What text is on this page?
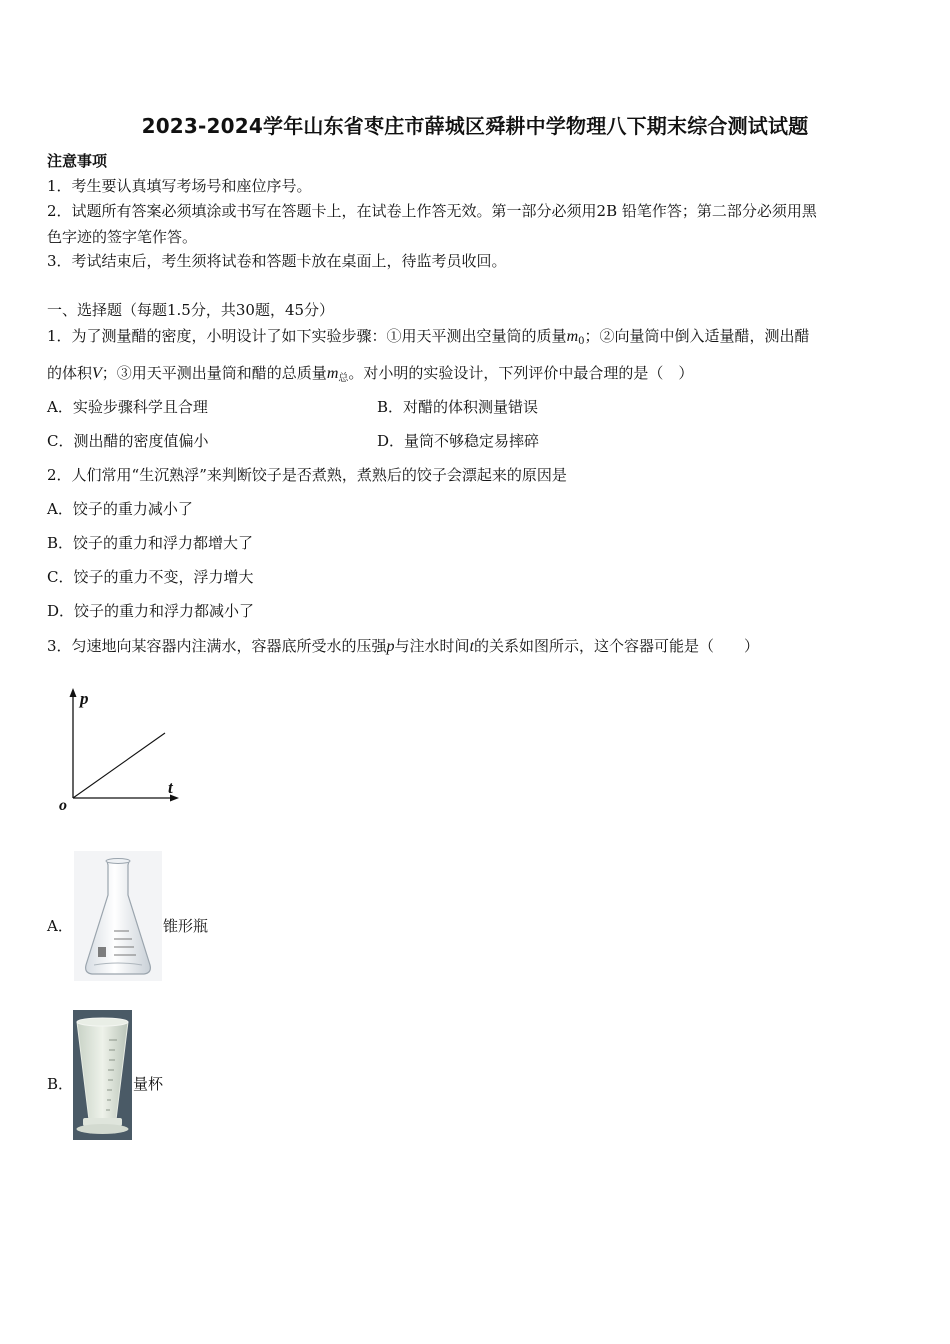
2023-2024学年山东省枣庄市薛城区舜耕中学物理八下期末综合测试试题
注意事项
1．考生要认真填写考场号和座位序号。
2．试题所有答案必须填涂或书写在答题卡上，在试卷上作答无效。第一部分必须用2B 铅笔作答；第二部分必须用黑
色字迹的签字笔作答。
3．考试结束后，考生须将试卷和答题卡放在桌面上，待监考员收回。
一、选择题（每题1.5分，共30题，45分）
1．为了测量醋的密度，小明设计了如下实验步骤：①用天平测出空量筒的质量$m_0$；②向量筒中倒入适量醋，测出醋
的体积V；③用天平测出量筒和醋的总质量$m_总$。对小明的实验设计，下列评价中最合理的是（　）
A．实验步骤科学且合理	B．对醋的体积测量错误
C．测出醋的密度值偏小	D．量筒不够稳定易摔碎
2．人们常用“生沉熟浮”来判断饺子是否煮熟，煮熟后的饺子会漂起来的原因是
A．饺子的重力减小了
B．饺子的重力和浮力都增大了
C．饺子的重力不变，浮力增大
D．饺子的重力和浮力都减小了
3．匀速地向某容器内注满水，容器底所受水的压强p与注水时间t的关系如图所示，这个容器可能是（　　）
p
t
o
A．	锥形瓶
B．	量杯
